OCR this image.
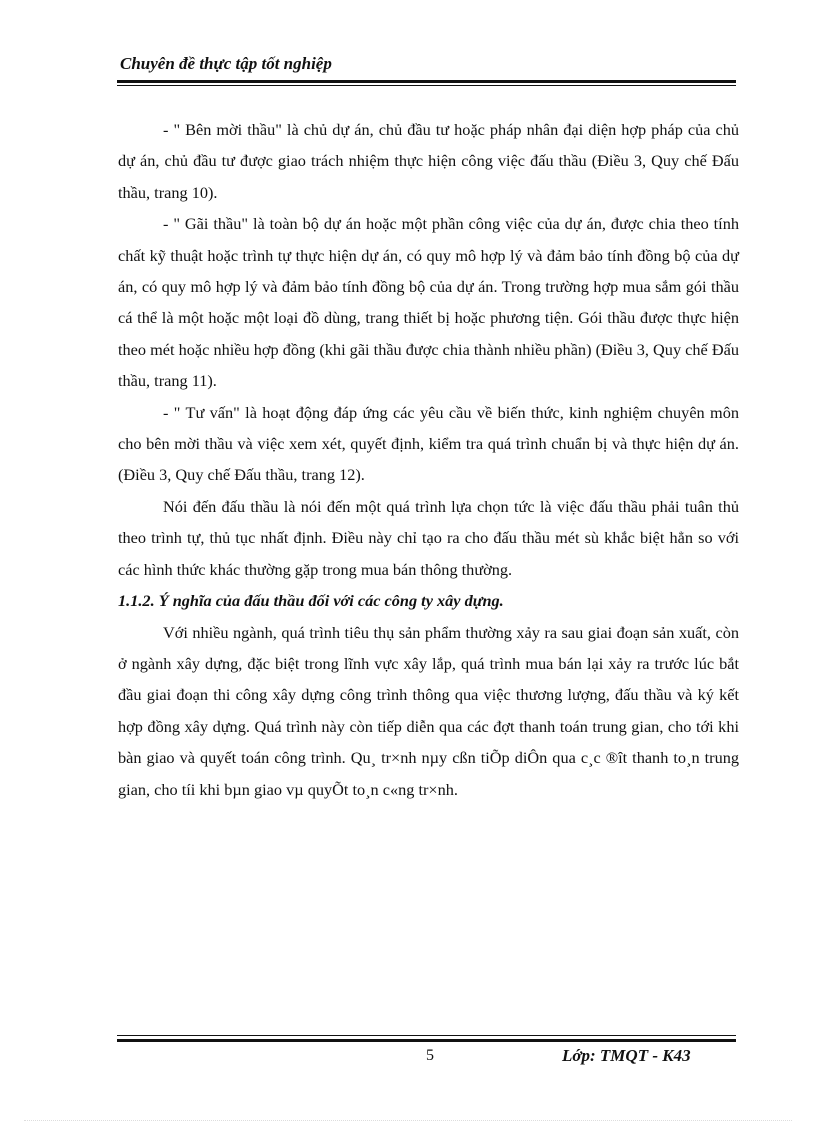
Chuyên đề thực tập tốt nghiệp

- " Bên mời thầu" là chủ dự án, chủ đầu tư hoặc pháp nhân đại diện hợp pháp của chủ dự án, chủ đầu tư được giao trách nhiệm thực hiện công việc đấu thầu (Điều 3, Quy chế Đấu thầu, trang 10).

- " Gãi thầu" là toàn bộ dự án hoặc một phần công việc của dự án, được chia theo tính chất kỹ thuật hoặc trình tự thực hiện dự án, có quy mô hợp lý và đảm bảo tính đồng bộ của dự án, có quy mô hợp lý và đảm bảo tính đồng bộ của dự án. Trong trường hợp mua sắm gói thầu cá thể là một hoặc một loại đồ dùng, trang thiết bị hoặc phương tiện. Gói thầu được thực hiện theo mét hoặc nhiều hợp đồng (khi gãi thầu được chia thành nhiều phần) (Điều 3, Quy chế Đấu thầu, trang 11).

- " Tư vấn" là hoạt động đáp ứng các yêu cầu về biến thức, kinh nghiệm chuyên môn cho bên mời thầu và việc xem xét, quyết định, kiểm tra quá trình chuẩn bị và thực hiện dự án. (Điều 3, Quy chế Đấu thầu, trang 12).

Nói đến đấu thầu là nói đến một quá trình lựa chọn tức là việc đấu thầu phải tuân thủ theo trình tự, thủ tục nhất định. Điều này chỉ tạo ra cho đấu thầu mét sù khắc biệt hẳn so với các hình thức khác thường gặp trong mua bán thông thường.

1.1.2. Ý nghĩa của đấu thầu đối với các công ty xây dựng.

Với nhiều ngành, quá trình tiêu thụ sản phẩm thường xảy ra sau giai đoạn sản xuất, còn ở ngành xây dựng, đặc biệt trong lĩnh vực xây lắp, quá trình mua bán lại xảy ra trước lúc bắt đầu giai đoạn thi công xây dựng công trình thông qua việc thương lượng, đấu thầu và ký kết hợp đồng xây dựng. Quá trình này còn tiếp diễn qua các đợt thanh toán trung gian, cho tới khi bàn giao và quyết toán công trình. Qu¸ tr×nh nµy cßn tiÕp diÔn qua c¸c ®ît thanh to¸n trung gian, cho tíi khi bµn giao vµ quyÕt to¸n c«ng tr×nh.

5	Lớp: TMQT - K43
